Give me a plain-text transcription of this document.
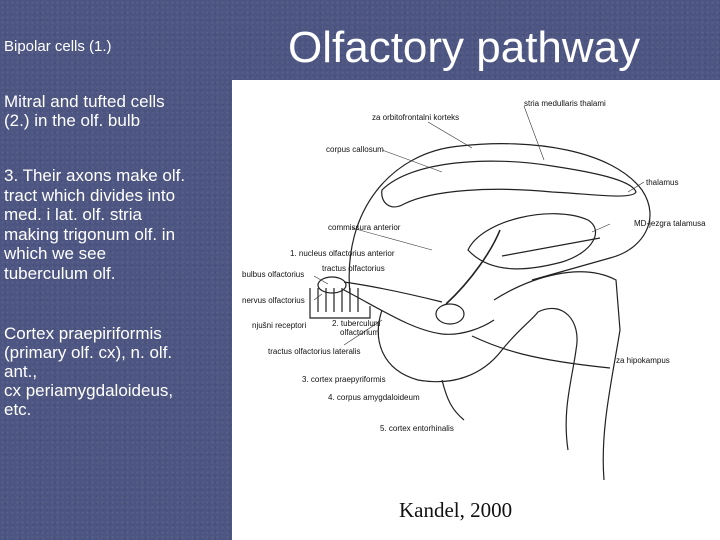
Olfactory pathway
Bipolar cells (1.)
Mitral and tufted cells
(2.) in the olf. bulb
3. Their axons make olf.
tract which divides into
med. i lat. olf. stria
making trigonum olf. in
which we see
tuberculum olf.
Cortex praepiriformis
(primary olf. cx), n. olf.
ant.,
cx periamygdaloideus,
etc.
stria medullaris thalami
za orbitofrontalni korteks
corpus callosum
thalamus
commissura anterior	MD-jezgra talamusa
1. nucleus olfactorius anterior
tractus olfactorius
bulbus olfactorius
nervus olfactorius
njušni receptori	2. tuberculum olfactorium
tractus olfactorius lateralis
za hipokampus
3. cortex praepyriformis
4. corpus amygdaloideum
5. cortex entorhinalis
Kandel, 2000
